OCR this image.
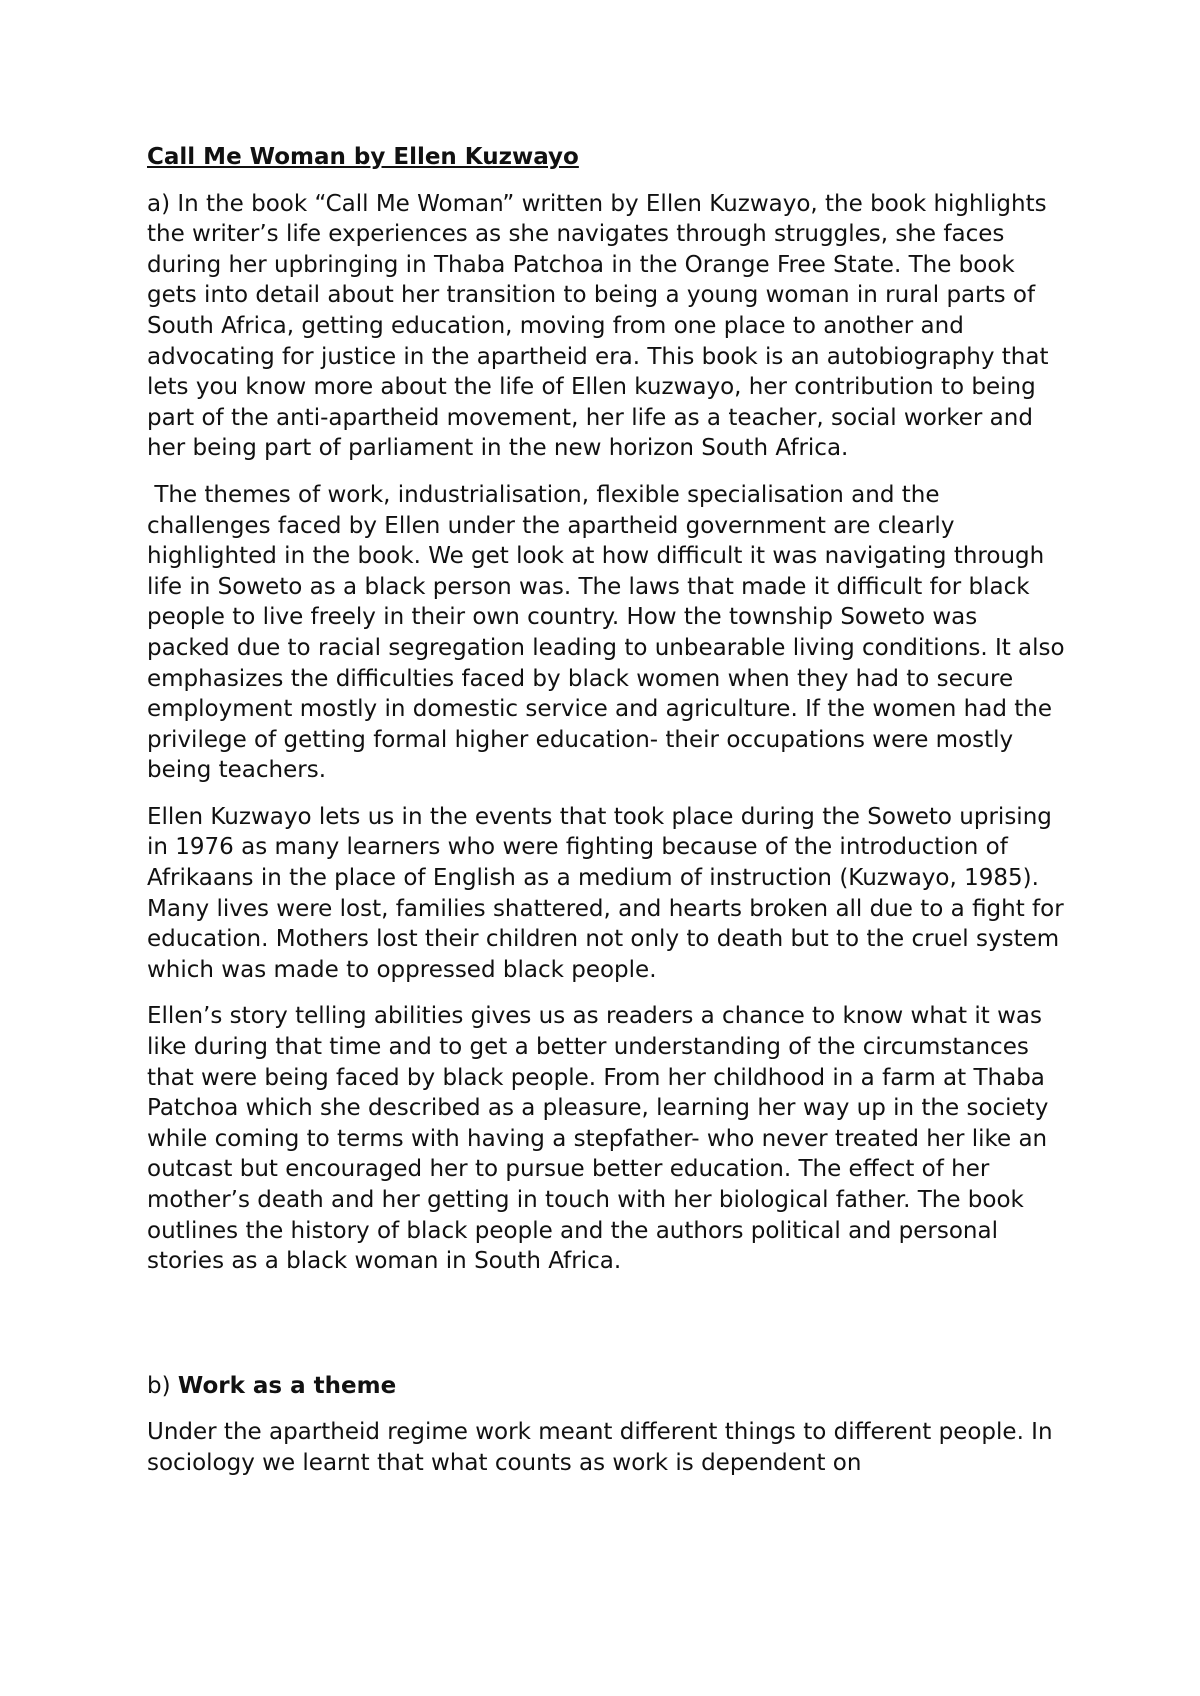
Call Me Woman by Ellen Kuzwayo

a) In the book “Call Me Woman” written by Ellen Kuzwayo, the book highlights the writer’s life experiences as she navigates through struggles, she faces during her upbringing in Thaba Patchoa in the Orange Free State. The book gets into detail about her transition to being a young woman in rural parts of South Africa, getting education, moving from one place to another and advocating for justice in the apartheid era. This book is an autobiography that lets you know more about the life of Ellen kuzwayo, her contribution to being part of the anti-apartheid movement, her life as a teacher, social worker and her being part of parliament in the new horizon South Africa.

The themes of work, industrialisation, flexible specialisation and the challenges faced by Ellen under the apartheid government are clearly highlighted in the book. We get look at how difficult it was navigating through life in Soweto as a black person was. The laws that made it difficult for black people to live freely in their own country. How the township Soweto was packed due to racial segregation leading to unbearable living conditions. It also emphasizes the difficulties faced by black women when they had to secure employment mostly in domestic service and agriculture. If the women had the privilege of getting formal higher education- their occupations were mostly being teachers.

Ellen Kuzwayo lets us in the events that took place during the Soweto uprising in 1976 as many learners who were fighting because of the introduction of Afrikaans in the place of English as a medium of instruction (Kuzwayo, 1985). Many lives were lost, families shattered, and hearts broken all due to a fight for education. Mothers lost their children not only to death but to the cruel system which was made to oppressed black people.

Ellen’s story telling abilities gives us as readers a chance to know what it was like during that time and to get a better understanding of the circumstances that were being faced by black people. From her childhood in a farm at Thaba Patchoa which she described as a pleasure, learning her way up in the society while coming to terms with having a stepfather- who never treated her like an outcast but encouraged her to pursue better education. The effect of her mother’s death and her getting in touch with her biological father. The book outlines the history of black people and the authors political and personal stories as a black woman in South Africa.

b) Work as a theme

Under the apartheid regime work meant different things to different people. In sociology we learnt that what counts as work is dependent on
